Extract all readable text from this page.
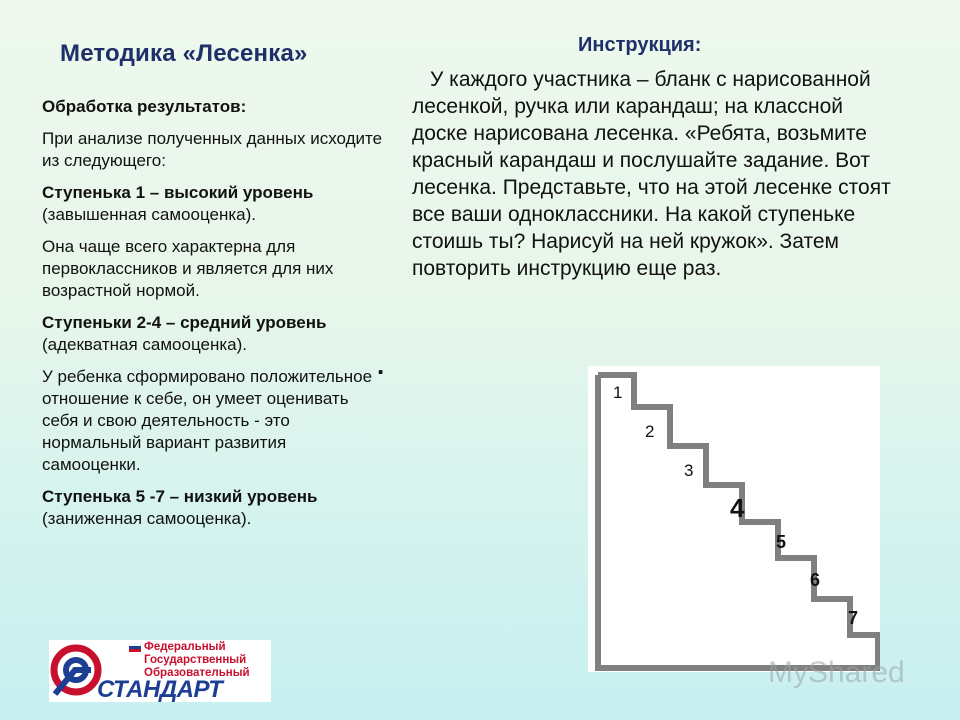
Методика «Лесенка»	Инструкция:

Обработка результатов:

При анализе полученных данных исходите из следующего:

Ступенька 1 – высокий уровень (завышенная самооценка).

Она чаще всего характерна для первоклассников и является для них возрастной нормой.

Ступеньки 2-4 – средний уровень (адекватная самооценка).

У ребенка сформировано положительное отношение к себе, он умеет оценивать себя и свою деятельность - это нормальный вариант развития самооценки.

Ступенька 5 -7 – низкий уровень (заниженная самооценка).

У каждого участника – бланк с нарисованной лесенкой, ручка или карандаш; на классной доске нарисована лесенка. «Ребята, возьмите красный карандаш и послушайте задание. Вот лесенка. Представьте, что на этой лесенке стоят все ваши одноклассники. На какой ступеньке стоишь ты? Нарисуй на ней кружок». Затем повторить инструкцию еще раз.
.
1
2
3
4
5
6
7
Федеральный
Государственный
Образовательный
СТАНДАРТ
MyShared
